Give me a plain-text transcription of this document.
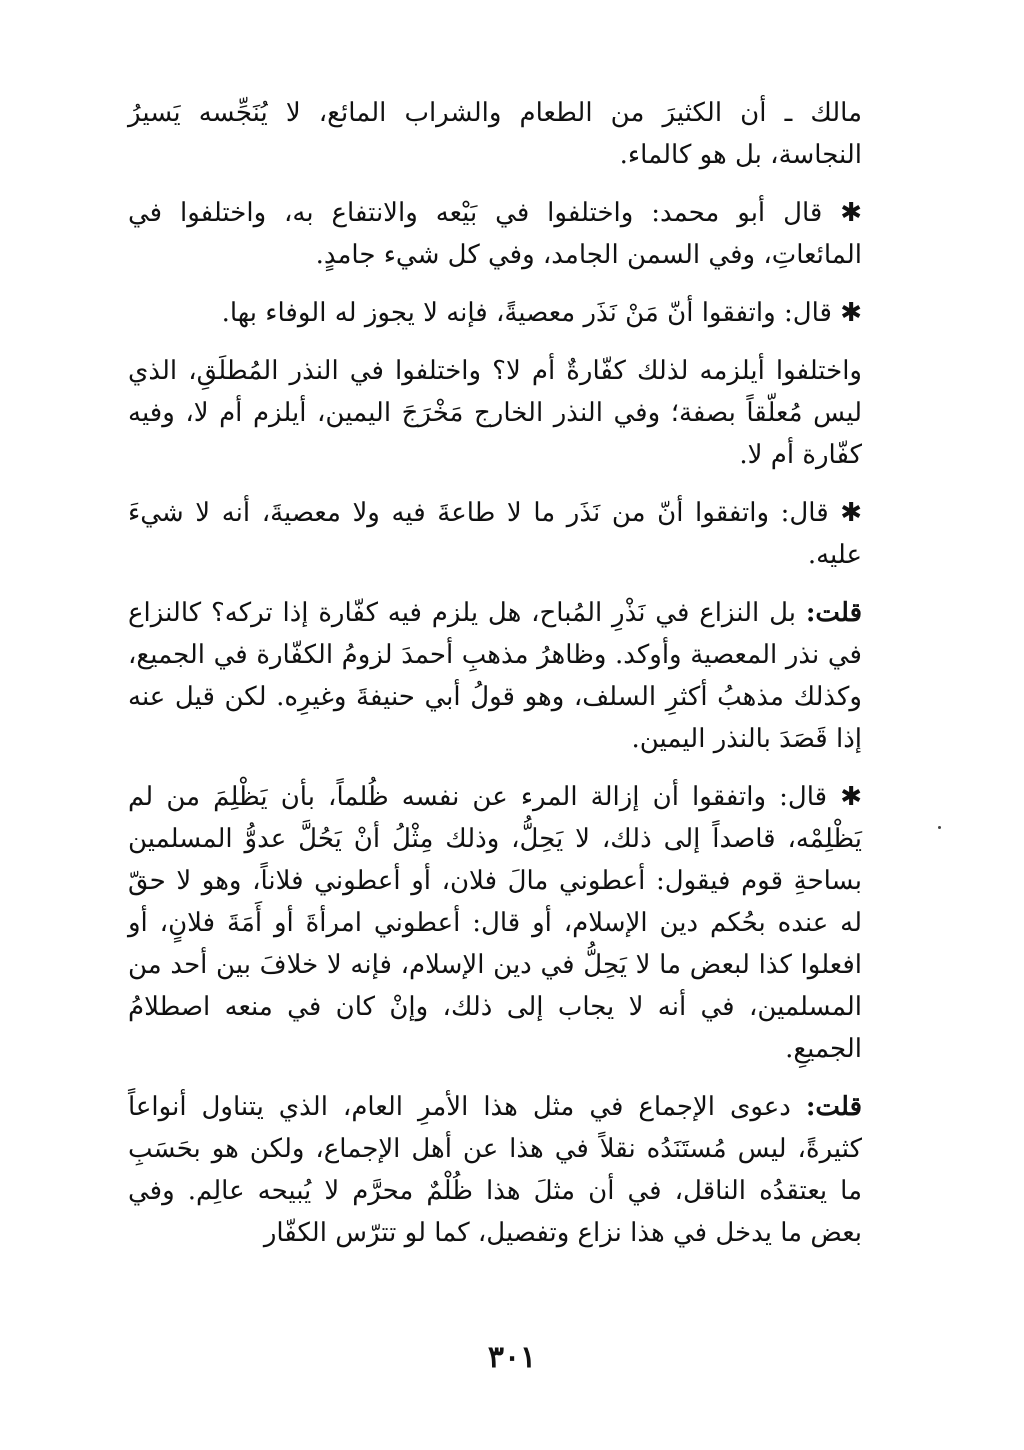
مالك ـ أن الكثيرَ من الطعام والشراب المائع، لا يُنَجِّسه يَسيرُ النجاسة، بل هو كالماء.

✱ قال أبو محمد: واختلفوا في بَيْعه والانتفاع به، واختلفوا في المائعاتِ، وفي السمن الجامد، وفي كل شيء جامدٍ.

✱ قال: واتفقوا أنّ مَنْ نَذَر معصيةً، فإنه لا يجوز له الوفاء بها.

واختلفوا أيلزمه لذلك كفّارةٌ أم لا؟ واختلفوا في النذر المُطلَقِ، الذي ليس مُعلّقاً بصفة؛ وفي النذر الخارج مَخْرَجَ اليمين، أيلزم أم لا، وفيه كفّارة أم لا.

✱ قال: واتفقوا أنّ من نَذَر ما لا طاعةَ فيه ولا معصيةَ، أنه لا شيءَ عليه.

قلت: بل النزاع في نَذْرِ المُباح، هل يلزم فيه كفّارة إذا تركه؟ كالنزاع في نذر المعصية وأوكد. وظاهرُ مذهبِ أحمدَ لزومُ الكفّارة في الجميع، وكذلك مذهبُ أكثرِ السلف، وهو قولُ أبي حنيفةَ وغيرِه. لكن قيل عنه إذا قَصَدَ بالنذر اليمين.

✱ قال: واتفقوا أن إزالة المرء عن نفسه ظُلماً، بأن يَظْلِمَ من لم يَظْلِمْه، قاصداً إلى ذلك، لا يَحِلُّ، وذلك مِثْلُ أنْ يَحُلَّ عدوُّ المسلمين بساحةِ قوم فيقول: أعطوني مالَ فلان، أو أعطوني فلاناً، وهو لا حقّ له عنده بحُكم دين الإسلام، أو قال: أعطوني امرأةَ أو أَمَةَ فلانٍ، أو افعلوا كذا لبعض ما لا يَحِلُّ في دين الإسلام، فإنه لا خلافَ بين أحد من المسلمين، في أنه لا يجاب إلى ذلك، وإنْ كان في منعه اصطلامُ الجميعِ.

قلت: دعوى الإجماع في مثل هذا الأمرِ العام، الذي يتناول أنواعاً كثيرةً، ليس مُستَنَدُه نقلاً في هذا عن أهل الإجماع، ولكن هو بحَسَبِ ما يعتقدُه الناقل، في أن مثلَ هذا ظُلْمٌ محرَّم لا يُبيحه عالِم. وفي بعض ما يدخل في هذا نزاع وتفصيل، كما لو تترّس الكفّار

٣٠١
